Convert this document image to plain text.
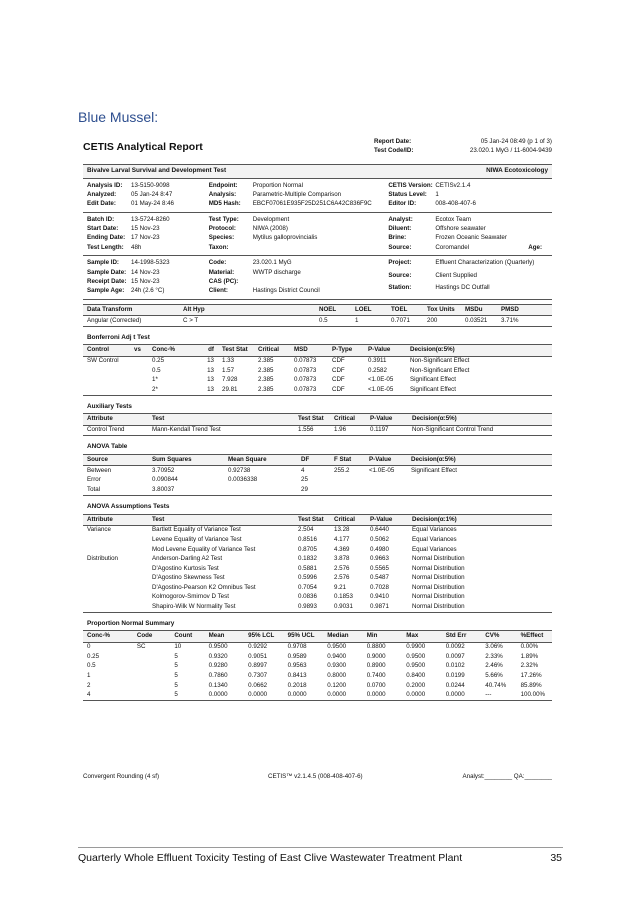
Blue Mussel:
CETIS Analytical Report	Report Date:	05 Jan-24 08:49 (p 1 of 3)
Test Code/ID:	23.020.1 MyG / 11-6004-9439
Bivalve Larval Survival and Development Test	NIWA Ecotoxicology
Analysis ID:	13-5150-9098
Analyzed:	05 Jan-24 8:47
Edit Date:	01 May-24 8:46
Endpoint:	Proportion Normal
Analysis:	Parametric-Multiple Comparison
MD5 Hash:	EBCF07061E935F25D251C6A42C836F9C
CETIS Version: CETISv2.1.4
Status Level:	1
Editor ID:	008-408-407-6
Batch ID:	13-5724-8260
Start Date:	15 Nov-23
Ending Date: 17 Nov-23
Test Length:	48h
Test Type:	Development
Protocol:	NIWA (2008)
Species:	Mytilus galloprovincialis
Taxon:
Analyst:	Ecotox Team
Diluent:	Offshore seawater
Brine:	Frozen Oceanic Seawater
Source:	Coromandel	Age:
Sample ID:	14-1998-5323
Sample Date: 14 Nov-23
Receipt Date: 15 Nov-23
Sample Age:	24h (2.6 °C)
Code:	23.020.1 MyG
Material:	WWTP discharge
CAS (PC):
Client:	Hastings District Council
Project:	Effluent Characterization (Quarterly)
Source:	Client Supplied
Station:	Hastings DC Outfall
Data Transform	Alt Hyp		NOEL	LOEL	TOEL	Tox Units	MSDu	PMSD
Angular (Corrected)	C > T		0.5	1	0.7071	200	0.03521	3.71%
Bonferroni Adj t Test
Control	vs	Conc-%	df	Test Stat	Critical	MSD	P-Type	P-Value	Decision(α:5%)
SW Control		0.25	13	1.33	2.385	0.07873	CDF	0.3911	Non-Significant Effect
		0.5	13	1.57	2.385	0.07873	CDF	0.2582	Non-Significant Effect
		1*	13	7.928	2.385	0.07873	CDF	<1.0E-05	Significant Effect
		2*	13	29.81	2.385	0.07873	CDF	<1.0E-05	Significant Effect
Auxiliary Tests
Attribute	Test	Test Stat	Critical	P-Value	Decision(α:5%)
Control Trend	Mann-Kendall Trend Test	1.556	1.96	0.1197	Non-Significant Control Trend
ANOVA Table
Source	Sum Squares	Mean Square	DF	F Stat	P-Value	Decision(α:5%)
Between	3.70952	0.92738	4	255.2	<1.0E-05	Significant Effect
Error	0.090844	0.0036338	25			
Total	3.80037		29			
ANOVA Assumptions Tests
Attribute	Test	Test Stat	Critical	P-Value	Decision(α:1%)
Variance	Bartlett Equality of Variance Test	2.504	13.28	0.6440	Equal Variances
	Levene Equality of Variance Test	0.8516	4.177	0.5062	Equal Variances
	Mod Levene Equality of Variance Test	0.8705	4.369	0.4980	Equal Variances
Distribution	Anderson-Darling A2 Test	0.1832	3.878	0.9663	Normal Distribution
	D'Agostino Kurtosis Test	0.5881	2.576	0.5565	Normal Distribution
	D'Agostino Skewness Test	0.5996	2.576	0.5487	Normal Distribution
	D'Agostino-Pearson K2 Omnibus Test	0.7054	9.21	0.7028	Normal Distribution
	Kolmogorov-Smirnov D Test	0.0836	0.1853	0.9410	Normal Distribution
	Shapiro-Wilk W Normality Test	0.9893	0.9031	0.9871	Normal Distribution
Proportion Normal Summary
Conc-%	Code	Count	Mean	95% LCL	95% UCL	Median	Min	Max	Std Err	CV%	%Effect
0	SC	10	0.9500	0.9292	0.9708	0.9500	0.8800	0.9900	0.0092	3.06%	0.00%
0.25		5	0.9320	0.9051	0.9589	0.9400	0.9000	0.9500	0.0097	2.33%	1.89%
0.5		5	0.9280	0.8997	0.9563	0.9300	0.8900	0.9500	0.0102	2.46%	2.32%
1		5	0.7860	0.7307	0.8413	0.8000	0.7400	0.8400	0.0199	5.66%	17.26%
2		5	0.1340	0.0662	0.2018	0.1200	0.0700	0.2000	0.0244	40.74%	85.89%
4		5	0.0000	0.0000	0.0000	0.0000	0.0000	0.0000	0.0000	---	100.00%
Convergent Rounding (4 sf)	CETIS™ v2.1.4.5 (008-408-407-6)	Analyst:________ QA:________
Quarterly Whole Effluent Toxicity Testing of East Clive Wastewater Treatment Plant	35
